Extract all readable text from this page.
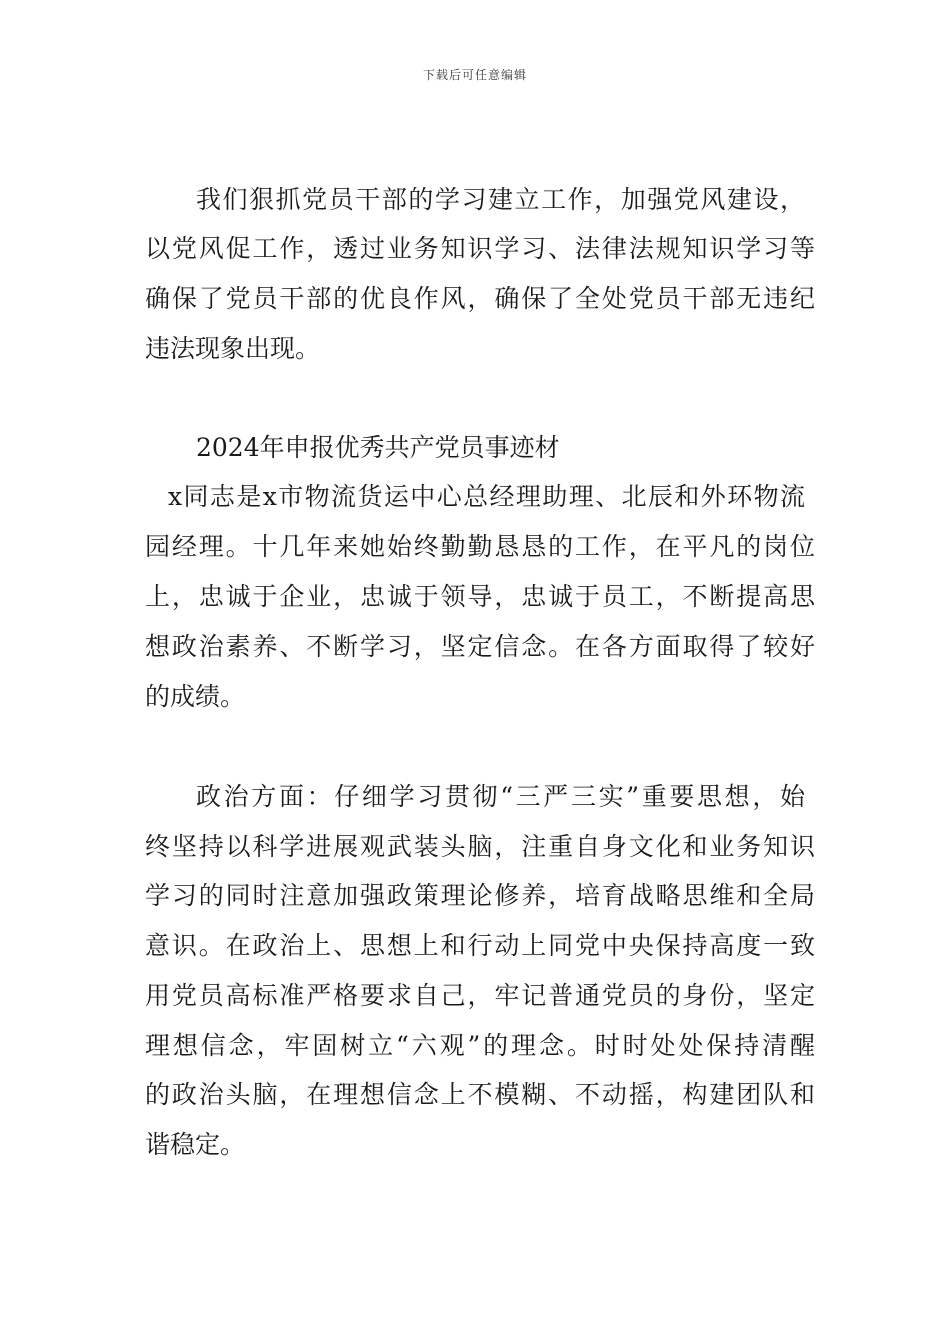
下载后可任意编辑
我们狠抓党员干部的学习建立工作，加强党风建设，
以党风促工作，透过业务知识学习、法律法规知识学习等
确保了党员干部的优良作风，确保了全处党员干部无违纪
违法现象出现。
2024年申报优秀共产党员事迹材
x同志是x市物流货运中心总经理助理、北辰和外环物流
园经理。十几年来她始终勤勤恳恳的工作，在平凡的岗位
上，忠诚于企业，忠诚于领导，忠诚于员工，不断提高思
想政治素养、不断学习，坚定信念。在各方面取得了较好
的成绩。
政治方面：仔细学习贯彻“三严三实”重要思想，始
终坚持以科学进展观武装头脑，注重自身文化和业务知识
学习的同时注意加强政策理论修养，培育战略思维和全局
意识。在政治上、思想上和行动上同党中央保持高度一致
用党员高标准严格要求自己，牢记普通党员的身份，坚定
理想信念，牢固树立“六观”的理念。时时处处保持清醒
的政治头脑，在理想信念上不模糊、不动摇，构建团队和
谐稳定。
